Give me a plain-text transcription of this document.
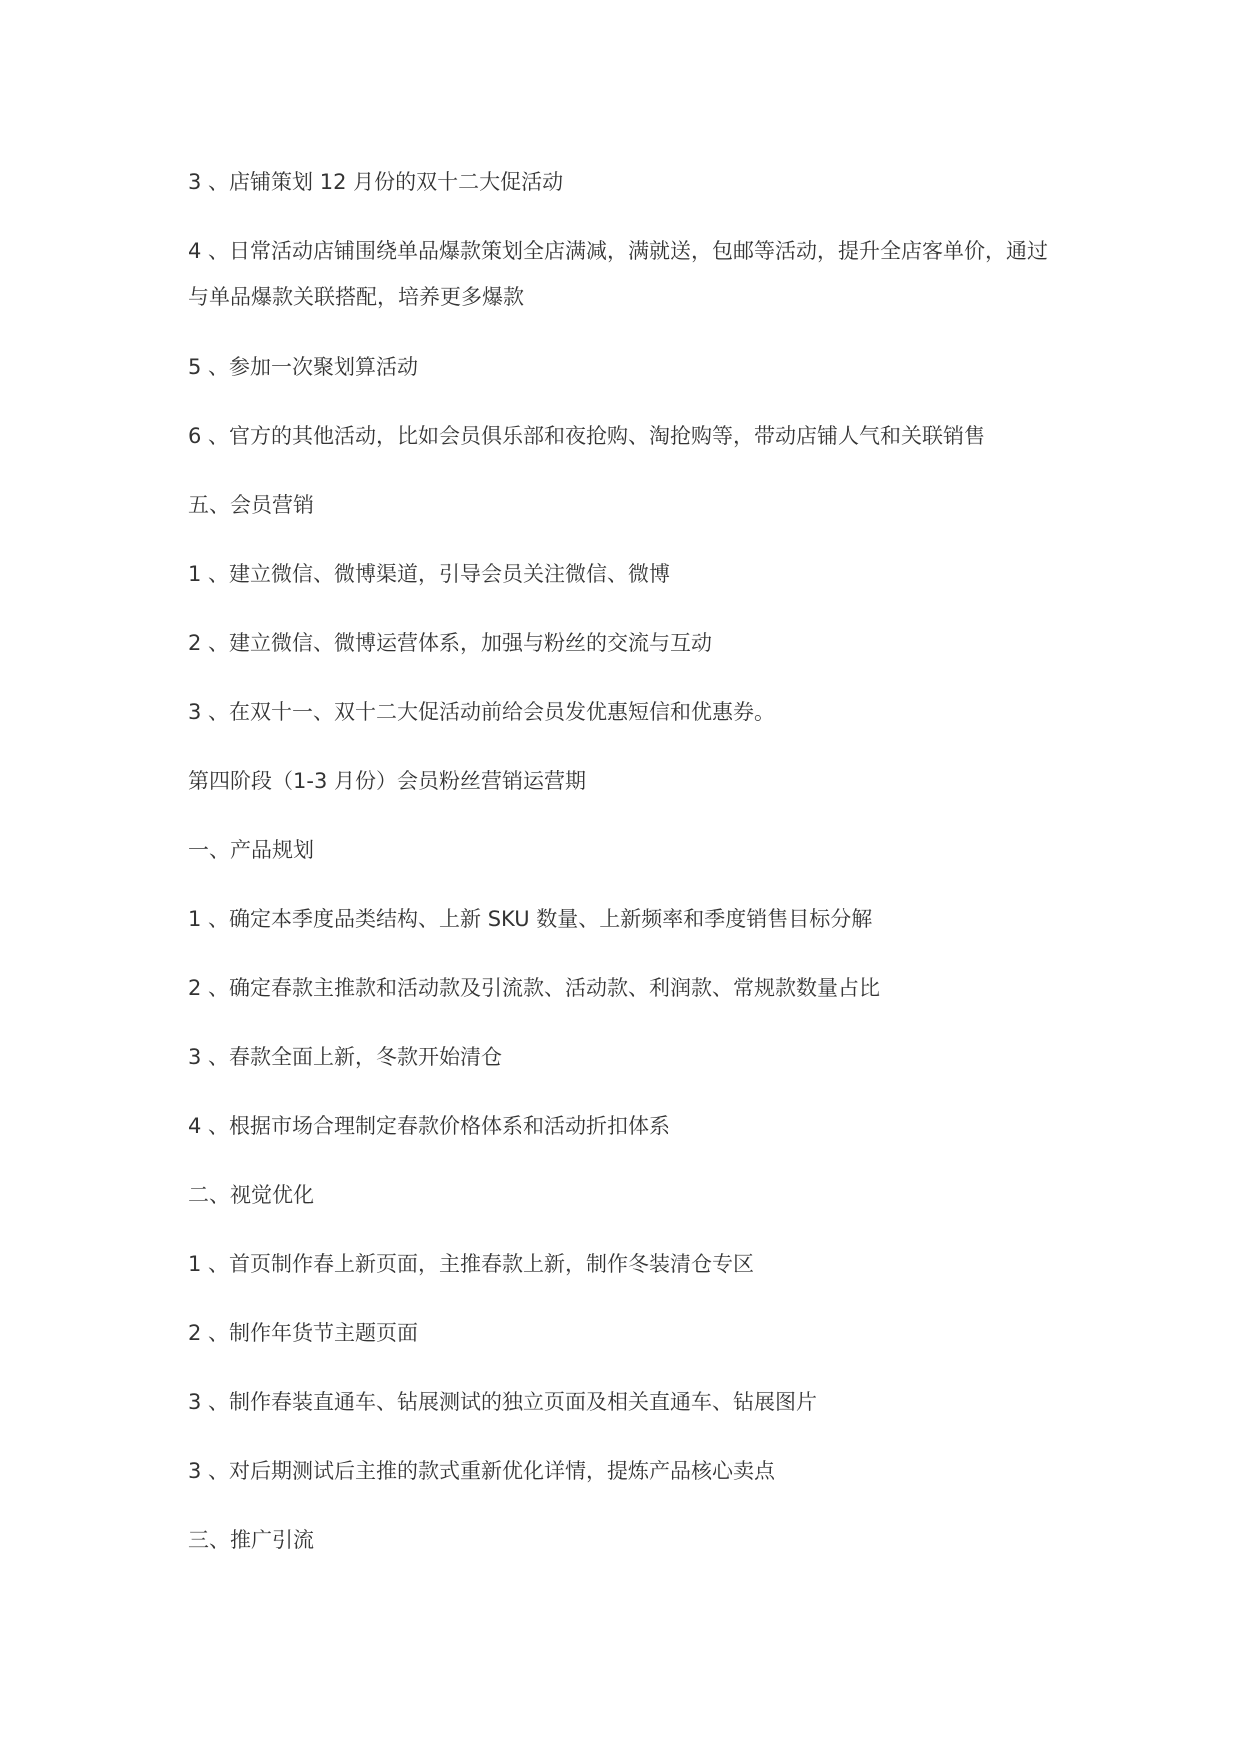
3 、店铺策划 12 月份的双十二大促活动

4 、日常活动店铺围绕单品爆款策划全店满减，满就送，包邮等活动，提升全店客单价，通过与单品爆款关联搭配，培养更多爆款

5 、参加一次聚划算活动

6 、官方的其他活动，比如会员俱乐部和夜抢购、淘抢购等，带动店铺人气和关联销售

五、会员营销

1 、建立微信、微博渠道，引导会员关注微信、微博

2 、建立微信、微博运营体系，加强与粉丝的交流与互动

3 、在双十一、双十二大促活动前给会员发优惠短信和优惠券。

第四阶段（1-3 月份）会员粉丝营销运营期

一、产品规划

1 、确定本季度品类结构、上新 SKU 数量、上新频率和季度销售目标分解

2 、确定春款主推款和活动款及引流款、活动款、利润款、常规款数量占比

3 、春款全面上新，冬款开始清仓

4 、根据市场合理制定春款价格体系和活动折扣体系

二、视觉优化

1 、首页制作春上新页面，主推春款上新，制作冬装清仓专区

2 、制作年货节主题页面

3 、制作春装直通车、钻展测试的独立页面及相关直通车、钻展图片

3 、对后期测试后主推的款式重新优化详情，提炼产品核心卖点

三、推广引流
